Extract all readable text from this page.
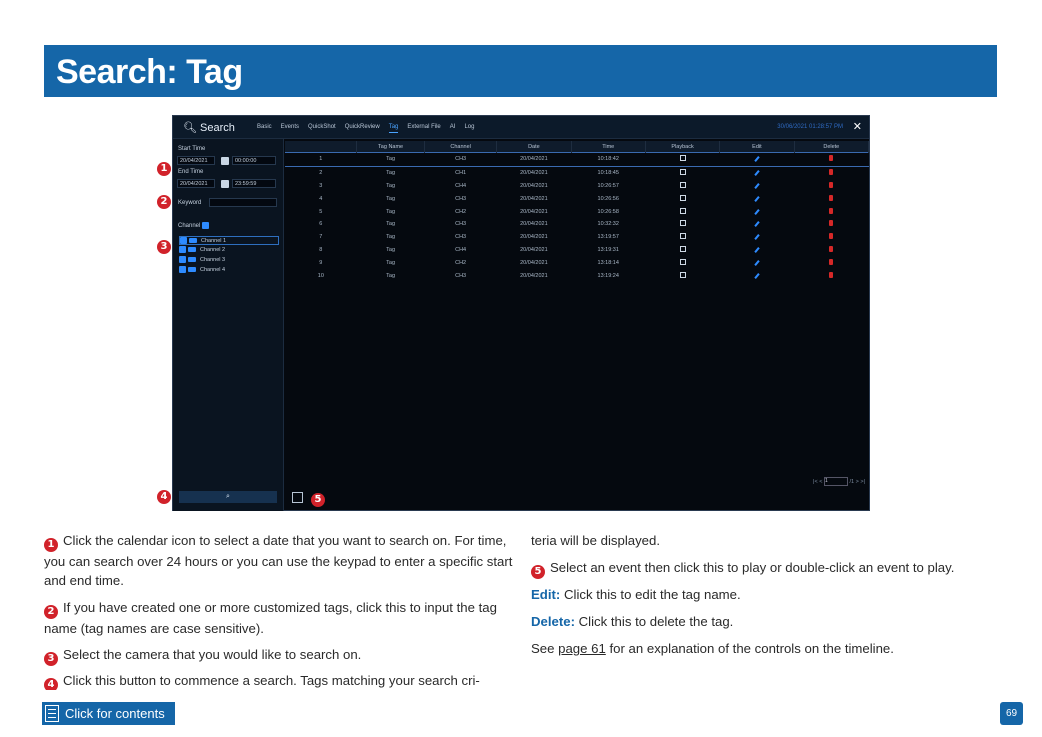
Search: Tag
🔍︎ Search	Basic Events QuickShot QuickReview Tag External File AI Log	30/06/2021 01:28:57 PM ✕
Start Time
20/04/2021	00:00:00
End Time
20/04/2021	23:59:59
Keyword
Channel
Channel 1
Channel 2
Channel 3
Channel 4
⌕
	Tag Name	Channel	Date	Time	Playback	Edit	Delete
1	Tag	CH3	20/04/2021	10:18:42			
2	Tag	CH1	20/04/2021	10:18:45			
3	Tag	CH4	20/04/2021	10:26:57			
4	Tag	CH3	20/04/2021	10:26:56			
5	Tag	CH2	20/04/2021	10:26:58			
6	Tag	CH3	20/04/2021	10:32:32			
7	Tag	CH3	20/04/2021	13:19:57			
8	Tag	CH4	20/04/2021	13:19:31			
9	Tag	CH2	20/04/2021	13:18:14			
10	Tag	CH3	20/04/2021	13:19:24			
|< < 1	/1 > >|
1
2
3
4	5

1 Click the calendar icon to select a date that you want to search on. For time, you can search over 24 hours or you can use the keypad to enter a specific start and end time.

2 If you have created one or more customized tags, click this to input the tag name (tag names are case sensitive).

3 Select the camera that you would like to search on.

4 Click this button to commence a search. Tags matching your search cri-

teria will be displayed.

5 Select an event then click this to play or double-click an event to play.

Edit: Click this to edit the tag name.

Delete: Click this to delete the tag.

See page 61 for an explanation of the controls on the timeline.

Click for contents	69
